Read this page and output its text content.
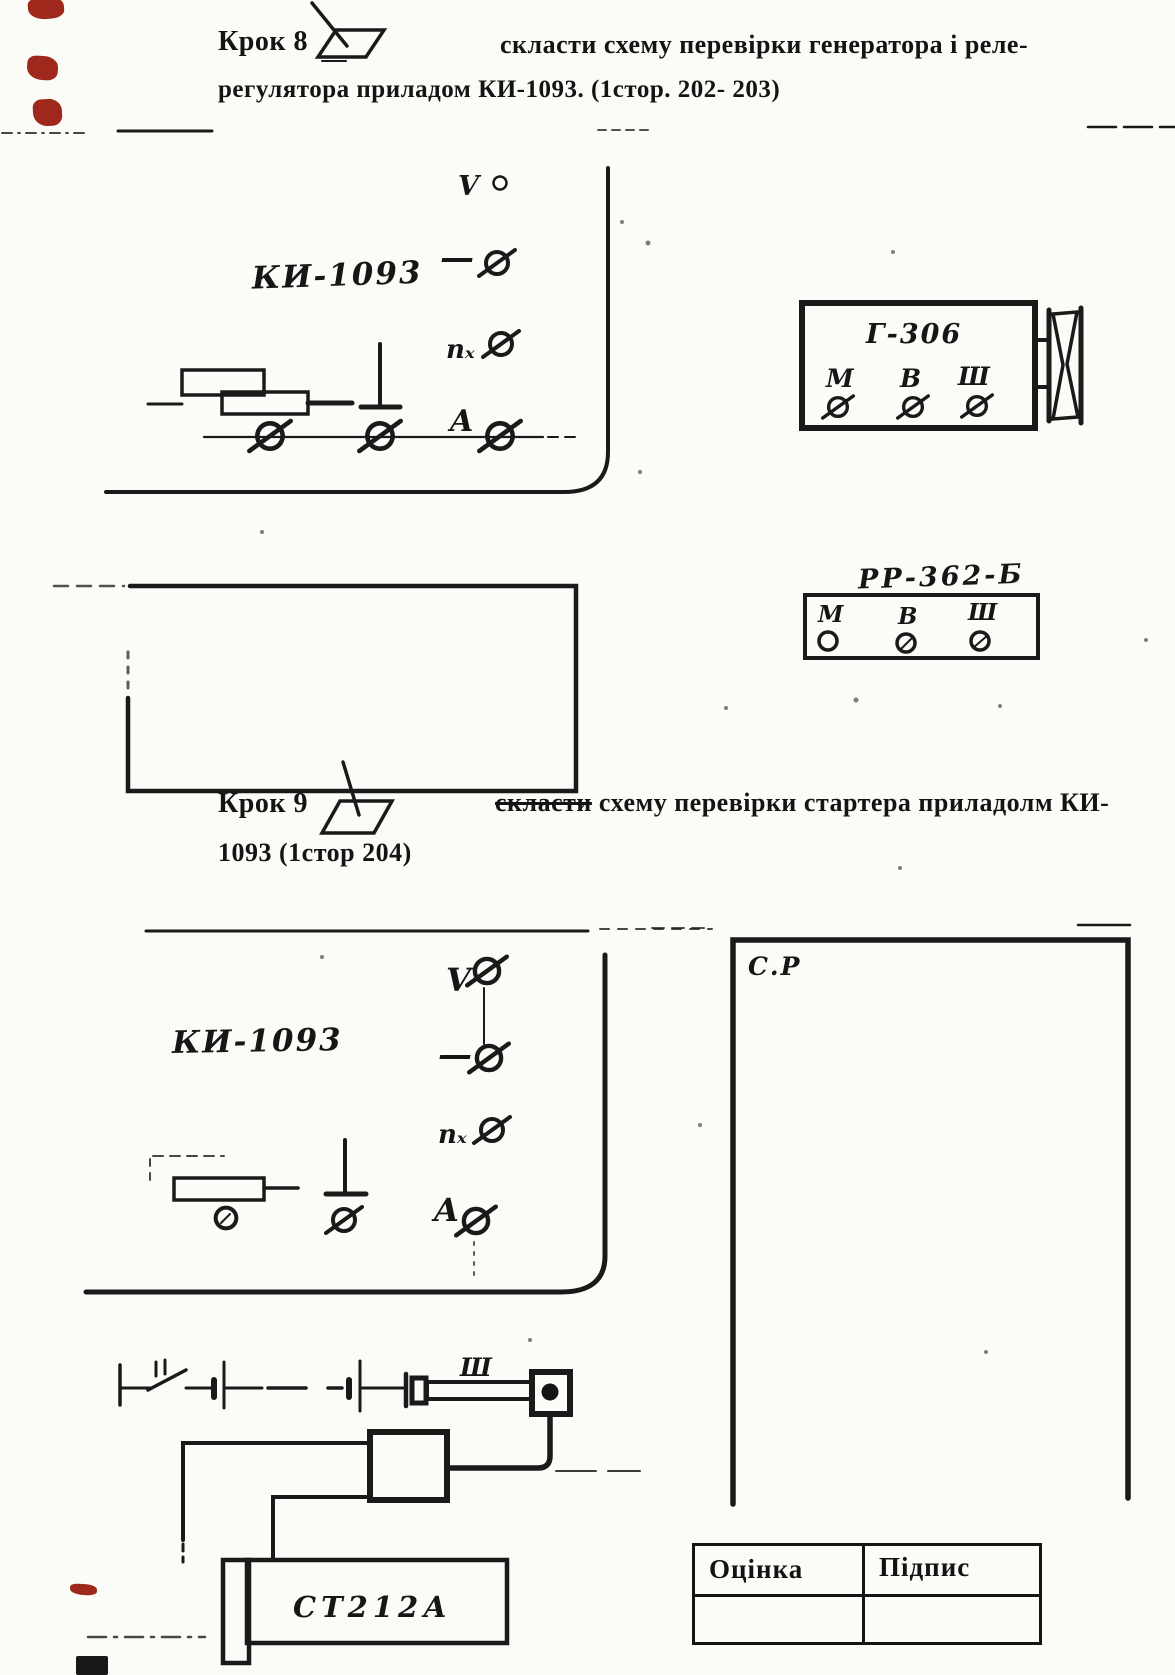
Крок 8	скласти схему перевірки генератора і реле-
регулятора приладом КИ-1093. (1стор. 202- 203)
Крок 9	скласти схему перевірки стартера приладолм КИ-
1093 (1стор 204)
КИ-1093
V
—
nₓ
A
Г-306
М В Ш
РР-362-Б
М В Ш
КИ-1093
V
—
nₓ
A
С.Р
Ш
СТ212А
Оцінка	Підпис
